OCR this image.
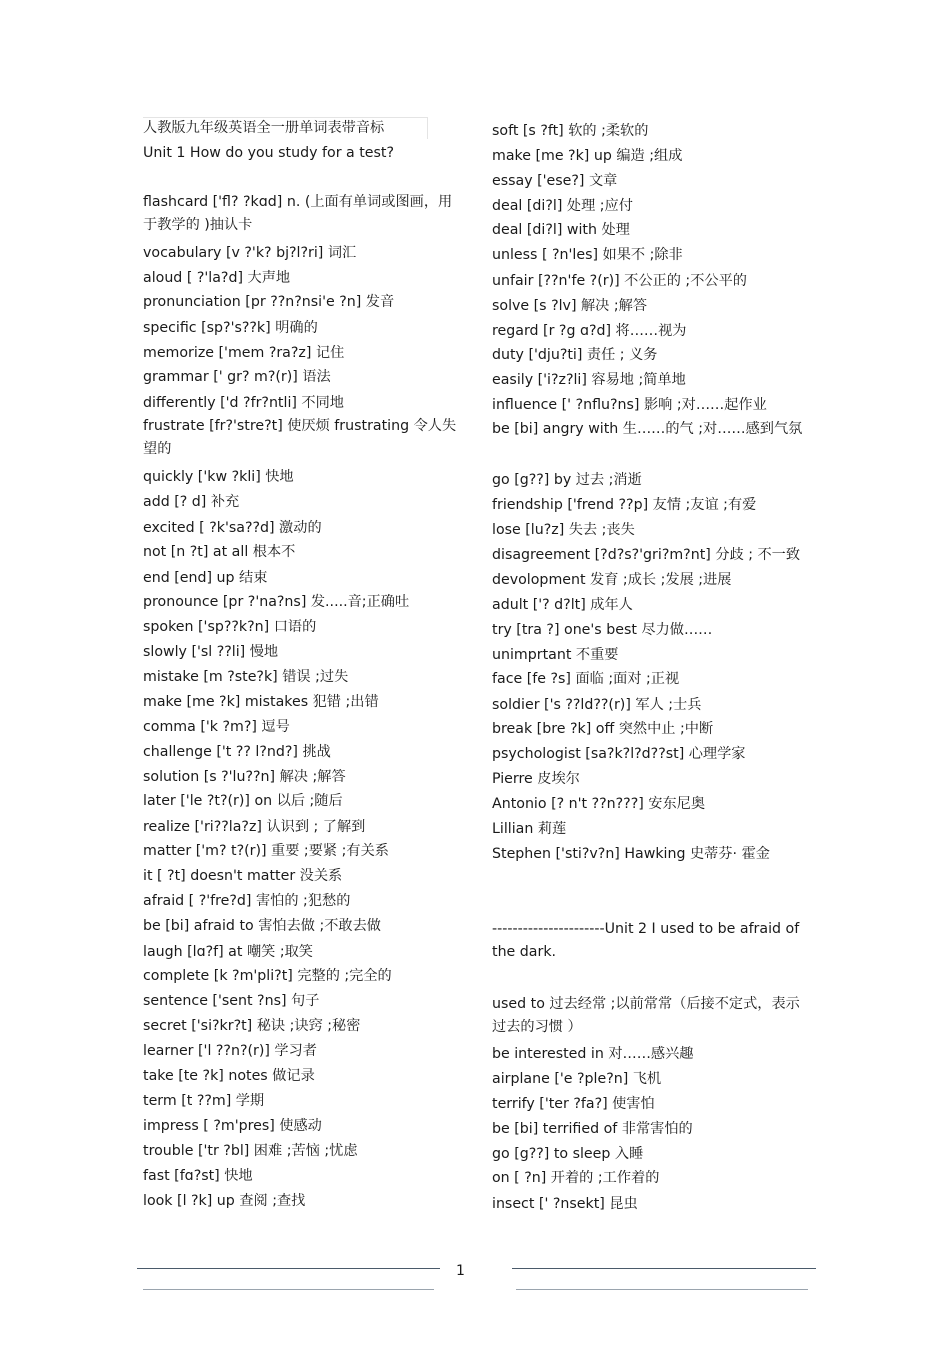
人教版九年级英语全一册单词表带音标
Unit 1 How do you study for a test?
flashcard ['fl? ?kɑd] n. (上面有单词或图画，用于教学的 )抽认卡
vocabulary [v ?'k? bj?l?ri] 词汇
aloud [ ?'la?d] 大声地
pronunciation [pr ??n?nsi'e ?n] 发音
specific [sp?'s??k] 明确的
memorize ['mem ?ra?z] 记住
grammar [' gr? m?(r)] 语法
differently ['d ?fr?ntli] 不同地
frustrate [fr?'stre?t] 使厌烦 frustrating 令人失望的
quickly ['kw ?kli] 快地
add [? d] 补充
excited [ ?k'sa??d] 激动的
not [n ?t] at all 根本不
end [end] up 结束
pronounce [pr ?'na?ns] 发.....音;正确吐
spoken ['sp??k?n] 口语的
slowly ['sl ??li] 慢地
mistake [m ?ste?k] 错误 ;过失
make [me ?k] mistakes 犯错 ;出错
comma ['k ?m?] 逗号
challenge ['t ?? l?nd?] 挑战
solution [s ?'lu??n] 解决 ;解答
later ['le ?t?(r)] on 以后 ;随后
realize ['ri??la?z] 认识到 ; 了解到
matter ['m? t?(r)] 重要 ;要紧 ;有关系
it [ ?t] doesn't matter 没关系
afraid [ ?'fre?d] 害怕的 ;犯愁的
be [bi] afraid to 害怕去做 ;不敢去做
laugh [lɑ?f] at 嘲笑 ;取笑
complete [k ?m'pli?t] 完整的 ;完全的
sentence ['sent ?ns] 句子
secret ['si?kr?t] 秘诀 ;诀窍 ;秘密
learner ['l ??n?(r)] 学习者
take [te ?k] notes 做记录
term [t ??m] 学期
impress [ ?m'pres] 使感动
trouble ['tr ?bl] 困难 ;苦恼 ;忧虑
fast [fɑ?st] 快地
look [l ?k] up 查阅 ;查找
soft [s ?ft] 软的 ;柔软的
make [me ?k] up 编造 ;组成
essay ['ese?] 文章
deal [di?l] 处理 ;应付
deal [di?l] with 处理
unless [ ?n'les] 如果不 ;除非
unfair [??n'fe ?(r)] 不公正的 ;不公平的
solve [s ?lv] 解决 ;解答
regard [r ?g ɑ?d] 将……视为
duty ['dju?ti] 责任 ; 义务
easily ['i?z?li] 容易地 ;简单地
influence [' ?nflu?ns] 影响 ;对……起作业
be [bi] angry with 生……的气 ;对……感到气氛
go [g??] by 过去 ;消逝
friendship ['frend ??p] 友情 ;友谊 ;有爱
lose [lu?z] 失去 ;丧失
disagreement [?d?s?'gri?m?nt] 分歧 ; 不一致
devolopment 发育 ;成长 ;发展 ;进展
adult ['? d?lt] 成年人
try [tra ?] one's best 尽力做……
unimprtant 不重要
face [fe ?s] 面临 ;面对 ;正视
soldier ['s ??ld??(r)] 军人 ;士兵
break [bre ?k] off 突然中止 ;中断
psychologist [sa?k?l?d??st] 心理学家
Pierre 皮埃尔
Antonio [? n't ??n???] 安东尼奥
Lillian 莉莲
Stephen ['sti?v?n] Hawking 史蒂芬· 霍金
----------------------Unit 2 I used to be afraid of the dark.
used to 过去经常 ;以前常常（后接不定式，表示过去的习惯 ）
be interested in 对……感兴趣
airplane ['e ?ple?n] 飞机
terrify ['ter ?fa?] 使害怕
be [bi] terrified of 非常害怕的
go [g??] to sleep 入睡
on [ ?n] 开着的 ;工作着的
insect [' ?nsekt] 昆虫
1
